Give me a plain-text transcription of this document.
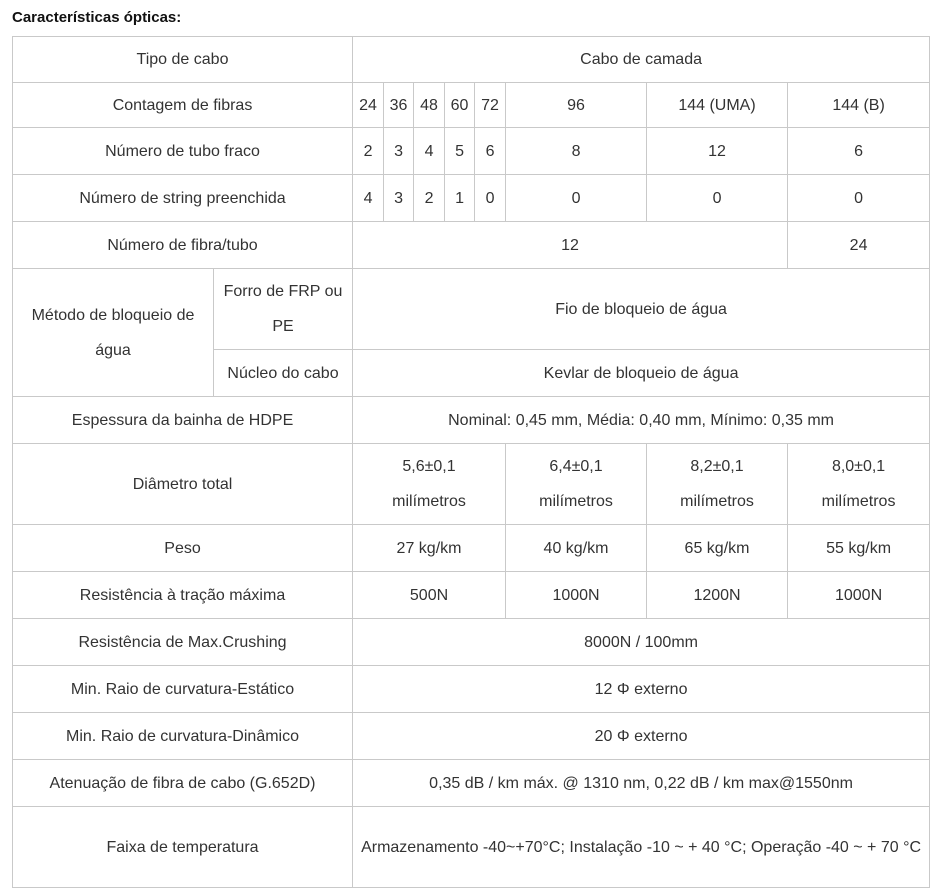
Características ópticas:
Tipo de cabo		Cabo de camada							
Contagem de fibras		24	36	48	60	72	96	144 (UMA)	144 (B)
Número de tubo fraco		2	3	4	5	6	8	12	6
Número de string preenchida		4	3	2	1	0	0	0	0
Número de fibra/tubo		12							24
Método de bloqueio de água	Forro de FRP ou PE	Fio de bloqueio de água							
	Núcleo do cabo	Kevlar de bloqueio de água							
Espessura da bainha de HDPE		Nominal: 0,45 mm, Média: 0,40 mm, Mínimo: 0,35 mm							
Diâmetro total		5,6±0,1 milímetros					6,4±0,1 milímetros	8,2±0,1 milímetros	8,0±0,1 milímetros
Peso		27 kg/km					40 kg/km	65 kg/km	55 kg/km
Resistência à tração máxima		500N					1000N	1200N	1000N
Resistência de Max.Crushing		8000N / 100mm							
Min. Raio de curvatura-Estático		12 Φ externo							
Min. Raio de curvatura-Dinâmico		20 Φ externo							
Atenuação de fibra de cabo (G.652D)		0,35 dB / km máx. @ 1310 nm, 0,22 dB / km max@1550nm							
Faixa de temperatura		Armazenamento -40~+70°C; Instalação -10 ~ + 40 °C; Operação -40 ~ + 70 °C							
